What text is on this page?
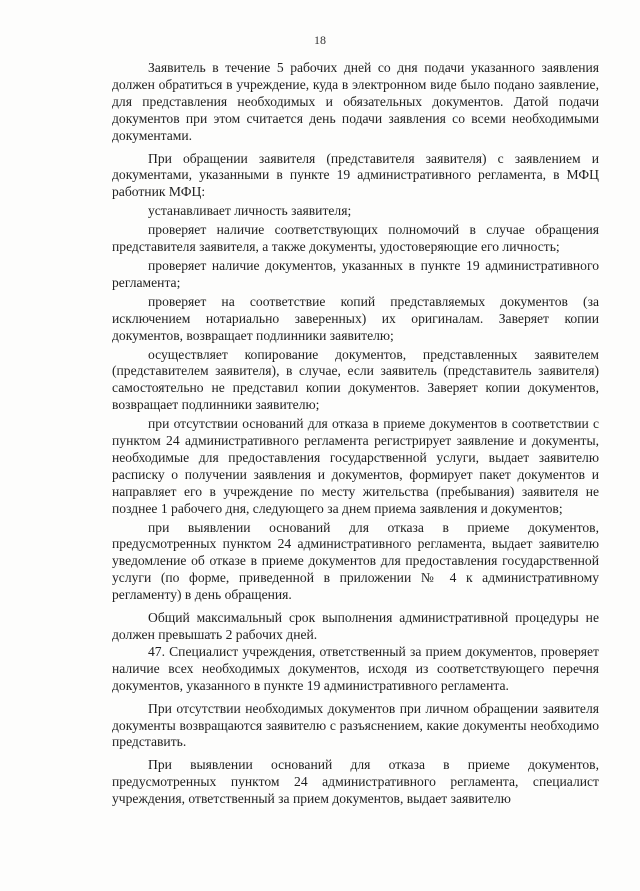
18

Заявитель в течение 5 рабочих дней со дня подачи указанного заявления должен обратиться в учреждение, куда в электронном виде было подано заявление, для представления необходимых и обязательных документов. Датой подачи документов при этом считается день подачи заявления со всеми необходимыми документами.

При обращении заявителя (представителя заявителя) с заявлением и документами, указанными в пункте 19 административного регламента, в МФЦ работник МФЦ:

устанавливает личность заявителя;

проверяет наличие соответствующих полномочий в случае обращения представителя заявителя, а также документы, удостоверяющие его личность;

проверяет наличие документов, указанных в пункте 19 административного регламента;

проверяет на соответствие копий представляемых документов (за исключением нотариально заверенных) их оригиналам. Заверяет копии документов, возвращает подлинники заявителю;

осуществляет копирование документов, представленных заявителем (представителем заявителя), в случае, если заявитель (представитель заявителя) самостоятельно не представил копии документов. Заверяет копии документов, возвращает подлинники заявителю;

при отсутствии оснований для отказа в приеме документов в соответствии с пунктом 24 административного регламента регистрирует заявление и документы, необходимые для предоставления государственной услуги, выдает заявителю расписку о получении заявления и документов, формирует пакет документов и направляет его в учреждение по месту жительства (пребывания) заявителя не позднее 1 рабочего дня, следующего за днем приема заявления и документов;

при выявлении оснований для отказа в приеме документов, предусмотренных пунктом 24 административного регламента, выдает заявителю уведомление об отказе в приеме документов для предоставления государственной услуги (по форме, приведенной в приложении № 4 к административному регламенту) в день обращения.

Общий максимальный срок выполнения административной процедуры не должен превышать 2 рабочих дней.

47. Специалист учреждения, ответственный за прием документов, проверяет наличие всех необходимых документов, исходя из соответствующего перечня документов, указанного в пункте 19 административного регламента.

При отсутствии необходимых документов при личном обращении заявителя документы возвращаются заявителю с разъяснением, какие документы необходимо представить.

При выявлении оснований для отказа в приеме документов, предусмотренных пунктом 24 административного регламента, специалист учреждения, ответственный за прием документов, выдает заявителю
